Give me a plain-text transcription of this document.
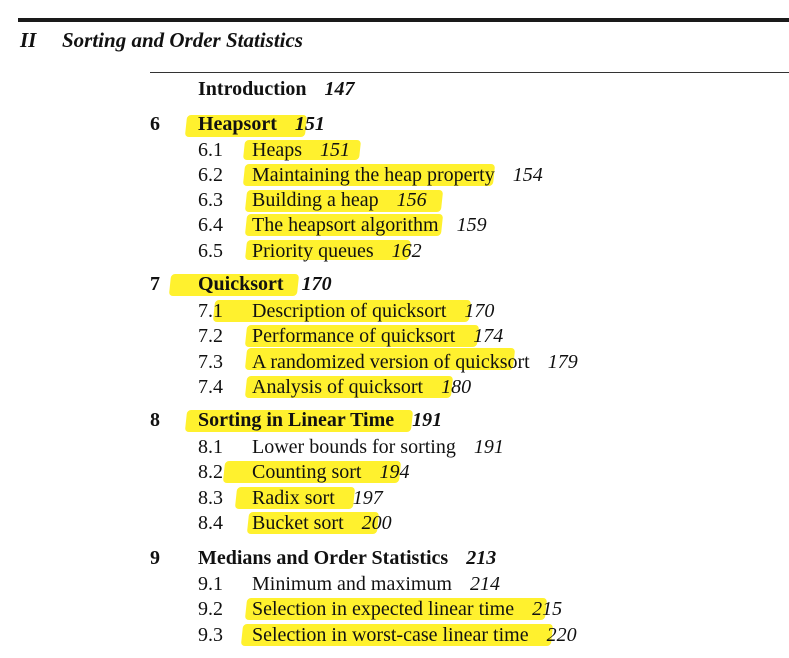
II Sorting and Order Statistics
Introduction 147
6 Heapsort 151
6.1 Heaps 151
6.2 Maintaining the heap property 154
6.3 Building a heap 156
6.4 The heapsort algorithm 159
6.5 Priority queues 162
7 Quicksort 170
7.1 Description of quicksort 170
7.2 Performance of quicksort 174
7.3 A randomized version of quicksort 179
7.4 Analysis of quicksort 180
8 Sorting in Linear Time 191
8.1 Lower bounds for sorting 191
8.2 Counting sort 194
8.3 Radix sort 197
8.4 Bucket sort 200
9 Medians and Order Statistics 213
9.1 Minimum and maximum 214
9.2 Selection in expected linear time 215
9.3 Selection in worst-case linear time 220
